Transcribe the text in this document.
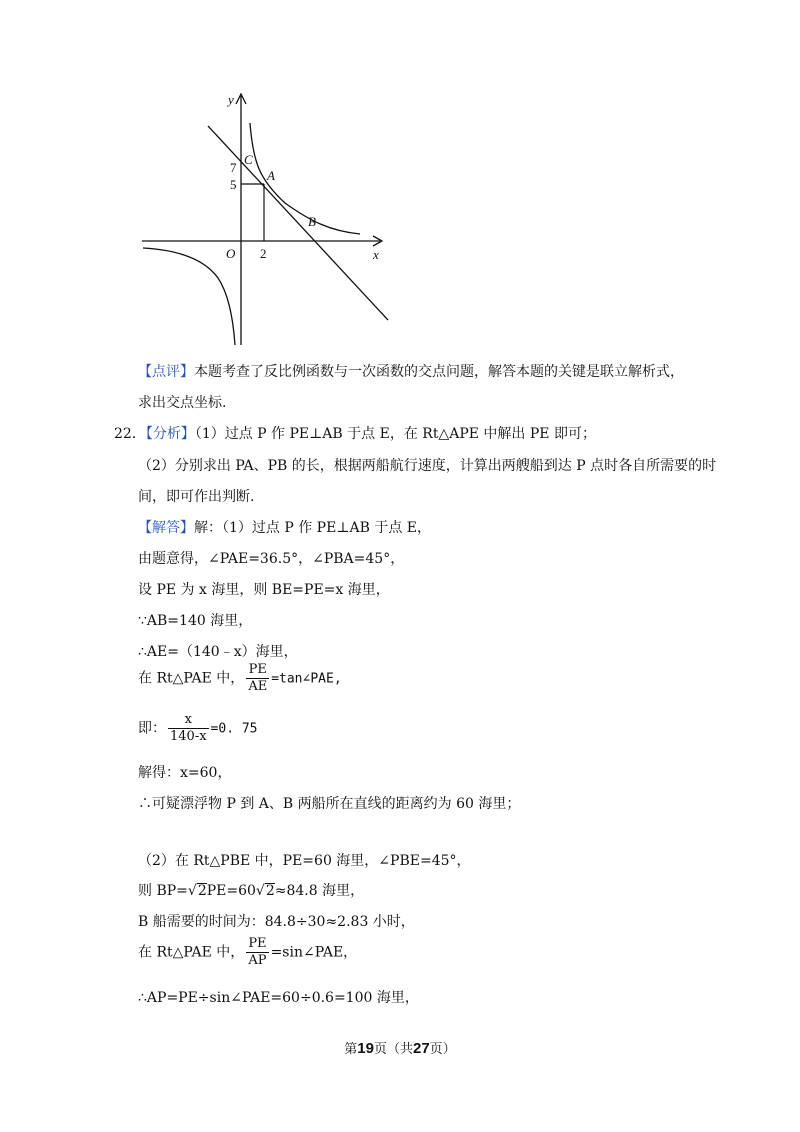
y
x
C
A
B
O
7
5
2
【点评】本题考查了反比例函数与一次函数的交点问题，解答本题的关键是联立解析式，
求出交点坐标.
22．【分析】（1）过点 P 作 PE⊥AB 于点 E，在 Rt△APE 中解出 PE 即可；
（2）分别求出 PA、PB 的长，根据两船航行速度，计算出两艘船到达 P 点时各自所需要的时
间，即可作出判断.
【解答】解：（1）过点 P 作 PE⊥AB 于点 E，
由题意得，∠PAE=36.5°，∠PBA=45°，
设 PE 为 x 海里，则 BE=PE=x 海里，
∵AB=140 海里，
∴AE=（140﹣x）海里，
在 Rt△PAE 中， $\frac{PE}{AE}$ =tan∠PAE,
即： $\frac{x}{140-x} =0$. 75
解得：x=60，
∴可疑漂浮物 P 到 A、B 两船所在直线的距离约为 60 海里；
（2）在 Rt△PBE 中，PE=60 海里，∠PBE=45°，
则 BP=√2PE=60√2≈84.8 海里，
B 船需要的时间为：84.8÷30≈2.83 小时，
在 Rt△PAE 中， $\frac{PE}{AP}$ =sin∠PAE，
∴AP=PE÷sin∠PAE=60÷0.6=100 海里，
第19页（共27页）
